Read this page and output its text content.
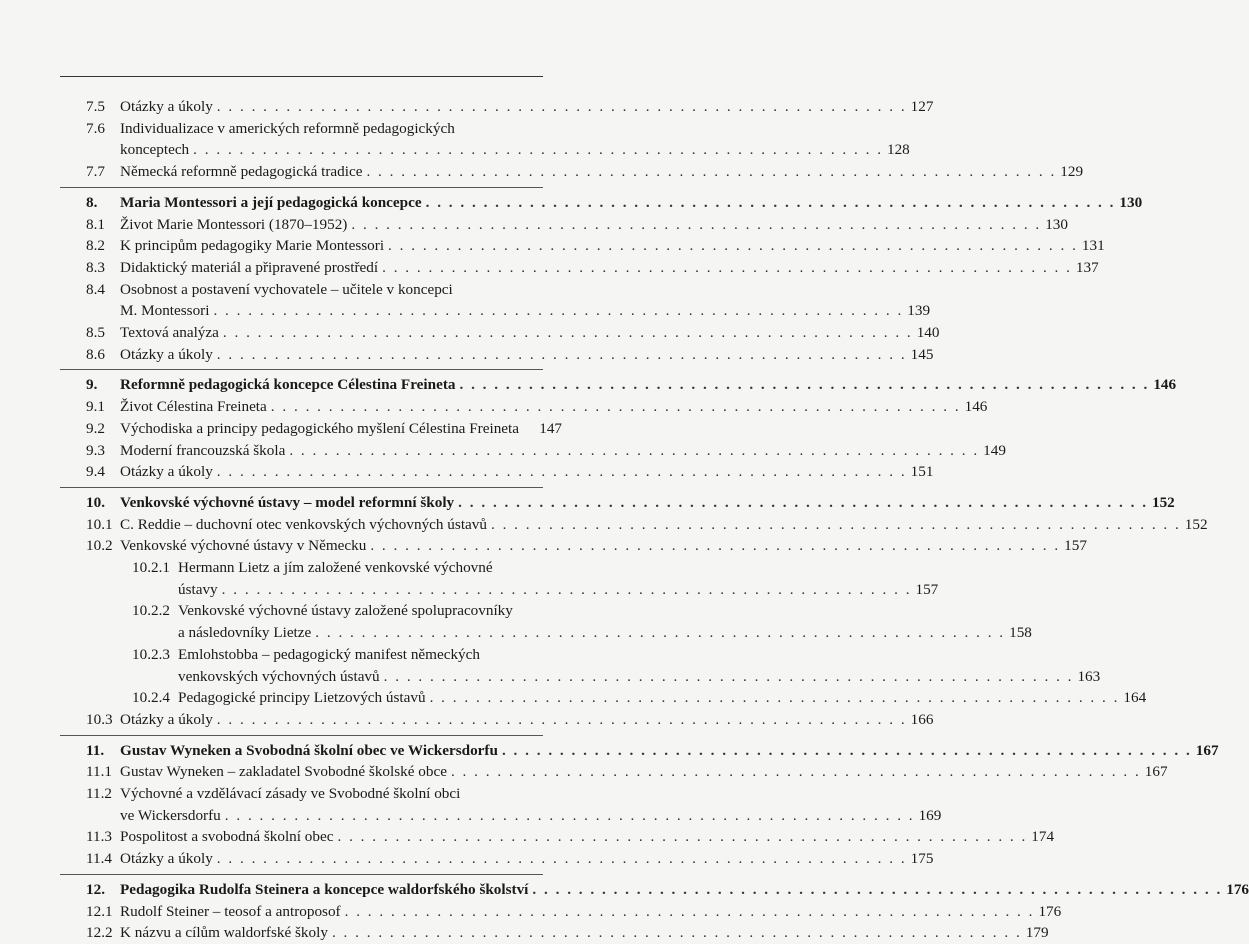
7.5 Otázky a úkoly . . . . . . . . . . . . . . . . . . . . . . . . . . . . . . . . . . . . . . . . . . . . . . . . . . . . . . . . . . . . 127
7.6 Individualizace v amerických reformně pedagogických
konceptech . . . . . . . . . . . . . . . . . . . . . . . . . . . . . . . . . . . . . . . . . . . . . . . . . . . . . . . . . . . . 128
7.7 Německá reformně pedagogická tradice . . . . . . . . . . . . . . . . . . . . . . . . . . . . . . . . . . . . . . . . . . . . . . . . . . . . . . . . . . . . 129
8. Maria Montessori a její pedagogická koncepce . . . . . . . . . . . . . . . . . . . . . . . . . . . . . . . . . . . . . . . . . . . . . . . . . . . . . . . . . . . . 130
8.1 Život Marie Montessori (1870–1952) . . . . . . . . . . . . . . . . . . . . . . . . . . . . . . . . . . . . . . . . . . . . . . . . . . . . . . . . . . . . 130
8.2 K principům pedagogiky Marie Montessori . . . . . . . . . . . . . . . . . . . . . . . . . . . . . . . . . . . . . . . . . . . . . . . . . . . . . . . . . . . . 131
8.3 Didaktický materiál a připravené prostředí . . . . . . . . . . . . . . . . . . . . . . . . . . . . . . . . . . . . . . . . . . . . . . . . . . . . . . . . . . . . 137
8.4 Osobnost a postavení vychovatele – učitele v koncepci
M. Montessori . . . . . . . . . . . . . . . . . . . . . . . . . . . . . . . . . . . . . . . . . . . . . . . . . . . . . . . . . . . . 139
8.5 Textová analýza . . . . . . . . . . . . . . . . . . . . . . . . . . . . . . . . . . . . . . . . . . . . . . . . . . . . . . . . . . . . 140
8.6 Otázky a úkoly . . . . . . . . . . . . . . . . . . . . . . . . . . . . . . . . . . . . . . . . . . . . . . . . . . . . . . . . . . . . 145
9. Reformně pedagogická koncepce Célestina Freineta . . . . . . . . . . . . . . . . . . . . . . . . . . . . . . . . . . . . . . . . . . . . . . . . . . . . . . . . . . . . 146
9.1 Život Célestina Freineta . . . . . . . . . . . . . . . . . . . . . . . . . . . . . . . . . . . . . . . . . . . . . . . . . . . . . . . . . . . . 146
9.2 Východiska a principy pedagogického myšlení Célestina Freineta 147
9.3 Moderní francouzská škola . . . . . . . . . . . . . . . . . . . . . . . . . . . . . . . . . . . . . . . . . . . . . . . . . . . . . . . . . . . . 149
9.4 Otázky a úkoly . . . . . . . . . . . . . . . . . . . . . . . . . . . . . . . . . . . . . . . . . . . . . . . . . . . . . . . . . . . . 151
10. Venkovské výchovné ústavy – model reformní školy . . . . . . . . . . . . . . . . . . . . . . . . . . . . . . . . . . . . . . . . . . . . . . . . . . . . . . . . . . . . 152
10.1 C. Reddie – duchovní otec venkovských výchovných ústavů . . . . . . . . . . . . . . . . . . . . . . . . . . . . . . . . . . . . . . . . . . . . . . . . . . . . . . . . . . . . 152
10.2 Venkovské výchovné ústavy v Německu . . . . . . . . . . . . . . . . . . . . . . . . . . . . . . . . . . . . . . . . . . . . . . . . . . . . . . . . . . . . 157
10.2.1 Hermann Lietz a jím založené venkovské výchovné
ústavy . . . . . . . . . . . . . . . . . . . . . . . . . . . . . . . . . . . . . . . . . . . . . . . . . . . . . . . . . . . . 157
10.2.2 Venkovské výchovné ústavy založené spolupracovníky
a následovníky Lietze . . . . . . . . . . . . . . . . . . . . . . . . . . . . . . . . . . . . . . . . . . . . . . . . . . . . . . . . . . . . 158
10.2.3 Emlohstobba – pedagogický manifest německých
venkovských výchovných ústavů . . . . . . . . . . . . . . . . . . . . . . . . . . . . . . . . . . . . . . . . . . . . . . . . . . . . . . . . . . . . 163
10.2.4 Pedagogické principy Lietzových ústavů . . . . . . . . . . . . . . . . . . . . . . . . . . . . . . . . . . . . . . . . . . . . . . . . . . . . . . . . . . . . 164
10.3 Otázky a úkoly . . . . . . . . . . . . . . . . . . . . . . . . . . . . . . . . . . . . . . . . . . . . . . . . . . . . . . . . . . . . 166
11. Gustav Wyneken a Svobodná školní obec ve Wickersdorfu . . . . . . . . . . . . . . . . . . . . . . . . . . . . . . . . . . . . . . . . . . . . . . . . . . . . . . . . . . . . 167
11.1 Gustav Wyneken – zakladatel Svobodné školské obce . . . . . . . . . . . . . . . . . . . . . . . . . . . . . . . . . . . . . . . . . . . . . . . . . . . . . . . . . . . . 167
11.2 Výchovné a vzdělávací zásady ve Svobodné školní obci
ve Wickersdorfu . . . . . . . . . . . . . . . . . . . . . . . . . . . . . . . . . . . . . . . . . . . . . . . . . . . . . . . . . . . . 169
11.3 Pospolitost a svobodná školní obec . . . . . . . . . . . . . . . . . . . . . . . . . . . . . . . . . . . . . . . . . . . . . . . . . . . . . . . . . . . . 174
11.4 Otázky a úkoly . . . . . . . . . . . . . . . . . . . . . . . . . . . . . . . . . . . . . . . . . . . . . . . . . . . . . . . . . . . . 175
12. Pedagogika Rudolfa Steinera a koncepce waldorfského školství . . . . . . . . . . . . . . . . . . . . . . . . . . . . . . . . . . . . . . . . . . . . . . . . . . . . . . . . . . . . 176
12.1 Rudolf Steiner – teosof a antroposof . . . . . . . . . . . . . . . . . . . . . . . . . . . . . . . . . . . . . . . . . . . . . . . . . . . . . . . . . . . . 176
12.2 K názvu a cílům waldorfské školy . . . . . . . . . . . . . . . . . . . . . . . . . . . . . . . . . . . . . . . . . . . . . . . . . . . . . . . . . . . . 179
